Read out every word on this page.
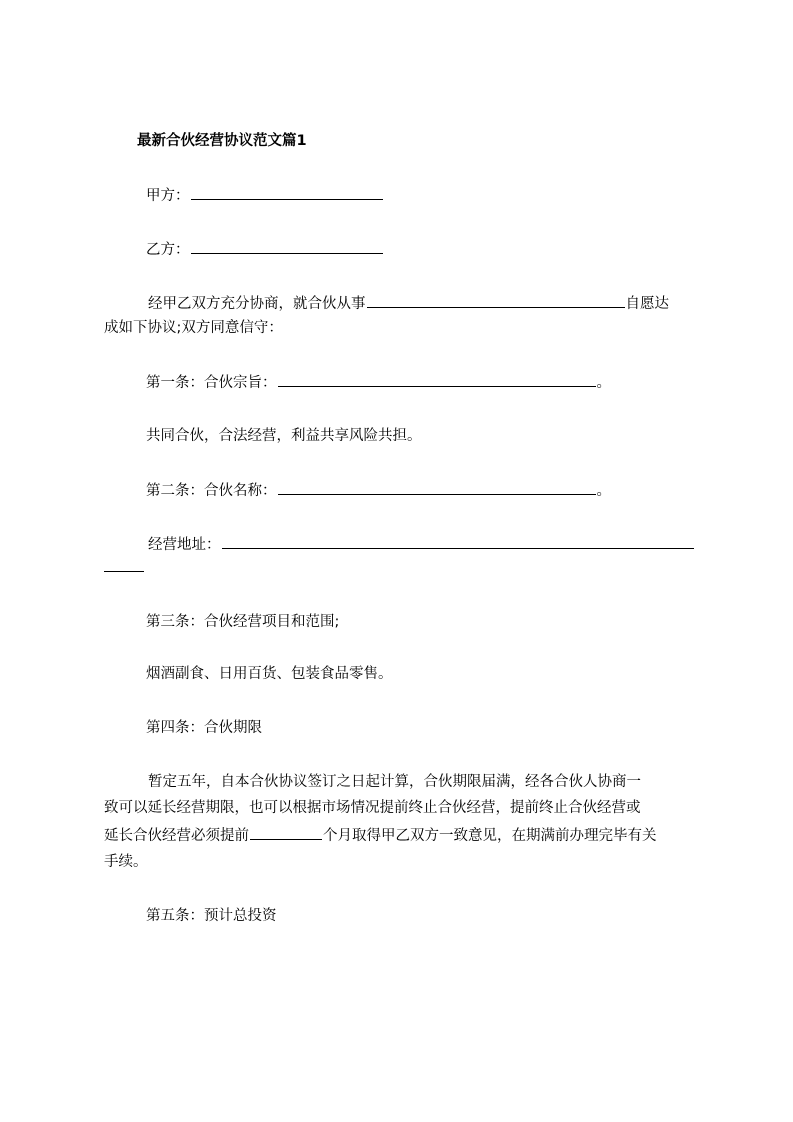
最新合伙经营协议范文篇1
甲方：
乙方：
经甲乙双方充分协商，就合伙从事	自愿达
成如下协议;双方同意信守：
第一条：合伙宗旨：	。
共同合伙，合法经营，利益共享风险共担。
第二条：合伙名称：	。
经营地址：
第三条：合伙经营项目和范围;
烟酒副食、日用百货、包装食品零售。
第四条：合伙期限
暂定五年，自本合伙协议签订之日起计算，合伙期限届满，经各合伙人协商一
致可以延长经营期限，也可以根据市场情况提前终止合伙经营，提前终止合伙经营或
延长合伙经营必须提前	个月取得甲乙双方一致意见，在期满前办理完毕有关
手续。
第五条：预计总投资
